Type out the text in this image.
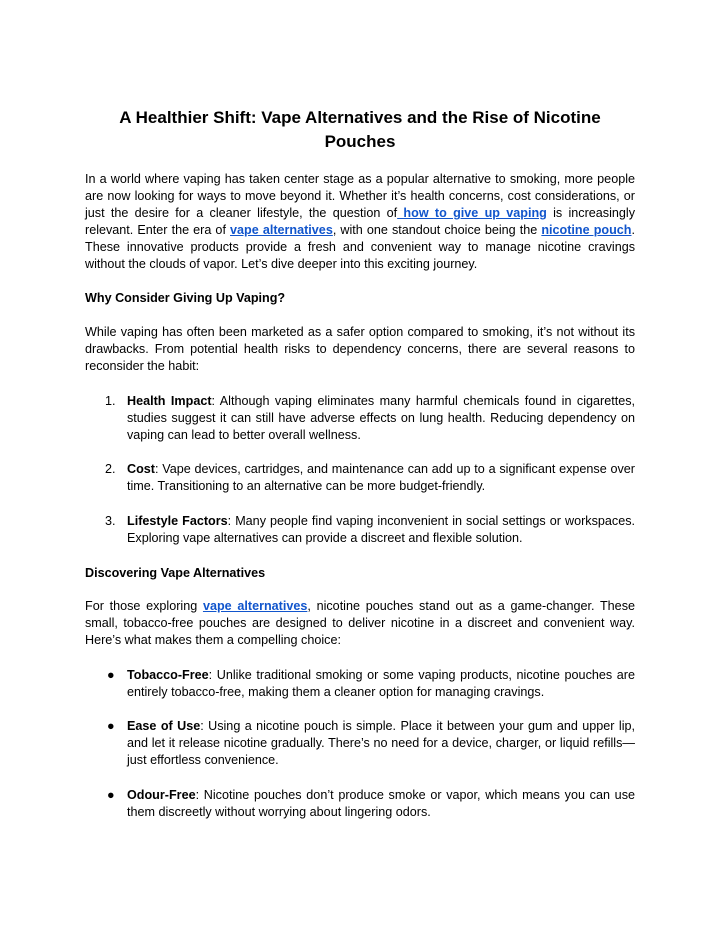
A Healthier Shift: Vape Alternatives and the Rise of Nicotine Pouches

In a world where vaping has taken center stage as a popular alternative to smoking, more people are now looking for ways to move beyond it. Whether it’s health concerns, cost considerations, or just the desire for a cleaner lifestyle, the question of how to give up vaping is increasingly relevant. Enter the era of vape alternatives, with one standout choice being the nicotine pouch. These innovative products provide a fresh and convenient way to manage nicotine cravings without the clouds of vapor. Let’s dive deeper into this exciting journey.

Why Consider Giving Up Vaping?

While vaping has often been marketed as a safer option compared to smoking, it’s not without its drawbacks. From potential health risks to dependency concerns, there are several reasons to reconsider the habit:

1. Health Impact: Although vaping eliminates many harmful chemicals found in cigarettes, studies suggest it can still have adverse effects on lung health. Reducing dependency on vaping can lead to better overall wellness.
2. Cost: Vape devices, cartridges, and maintenance can add up to a significant expense over time. Transitioning to an alternative can be more budget-friendly.
3. Lifestyle Factors: Many people find vaping inconvenient in social settings or workspaces. Exploring vape alternatives can provide a discreet and flexible solution.

Discovering Vape Alternatives

For those exploring vape alternatives, nicotine pouches stand out as a game-changer. These small, tobacco-free pouches are designed to deliver nicotine in a discreet and convenient way. Here’s what makes them a compelling choice:

● Tobacco-Free: Unlike traditional smoking or some vaping products, nicotine pouches are entirely tobacco-free, making them a cleaner option for managing cravings.
● Ease of Use: Using a nicotine pouch is simple. Place it between your gum and upper lip, and let it release nicotine gradually. There’s no need for a device, charger, or liquid refills—just effortless convenience.
● Odour-Free: Nicotine pouches don’t produce smoke or vapor, which means you can use them discreetly without worrying about lingering odors.
